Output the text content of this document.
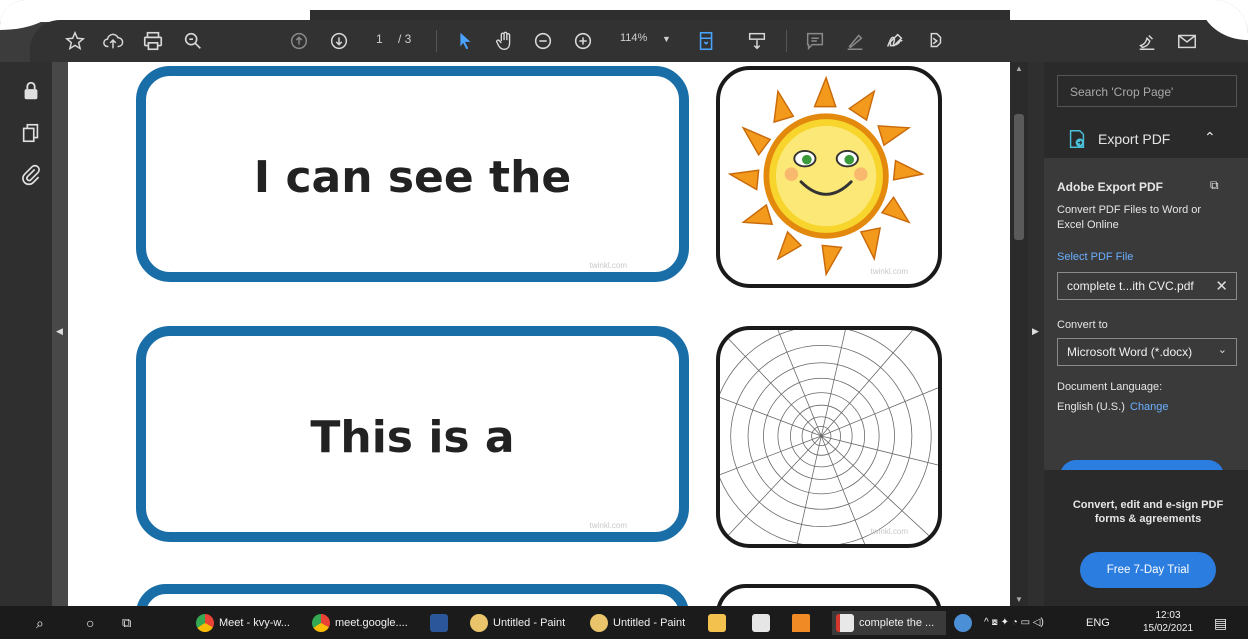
1 / 3	114% ▼
◀
I can see the
twinkl.com
twinkl.com
This is a
twinkl.com
twinkl.com
▲
▼
▶
Search 'Crop Page'
Export PDF ⌃
Adobe Export PDF	⧉
Convert PDF Files to Word or Excel Online
Select PDF File
complete t...ith CVC.pdf ✕
Convert to
Microsoft Word (*.docx) ⌄
Document Language:
English (U.S.) Change
Convert, edit and e-sign PDF forms & agreements
Free 7-Day Trial
⌕	○ ⧉	Meet - kvy-w...	meet.google....	Untitled - Paint	Untitled - Paint	complete the ...	^ ⧇ ✦ ◔ ▭ ◁)	ENG
12:03
15/02/2021	▤
